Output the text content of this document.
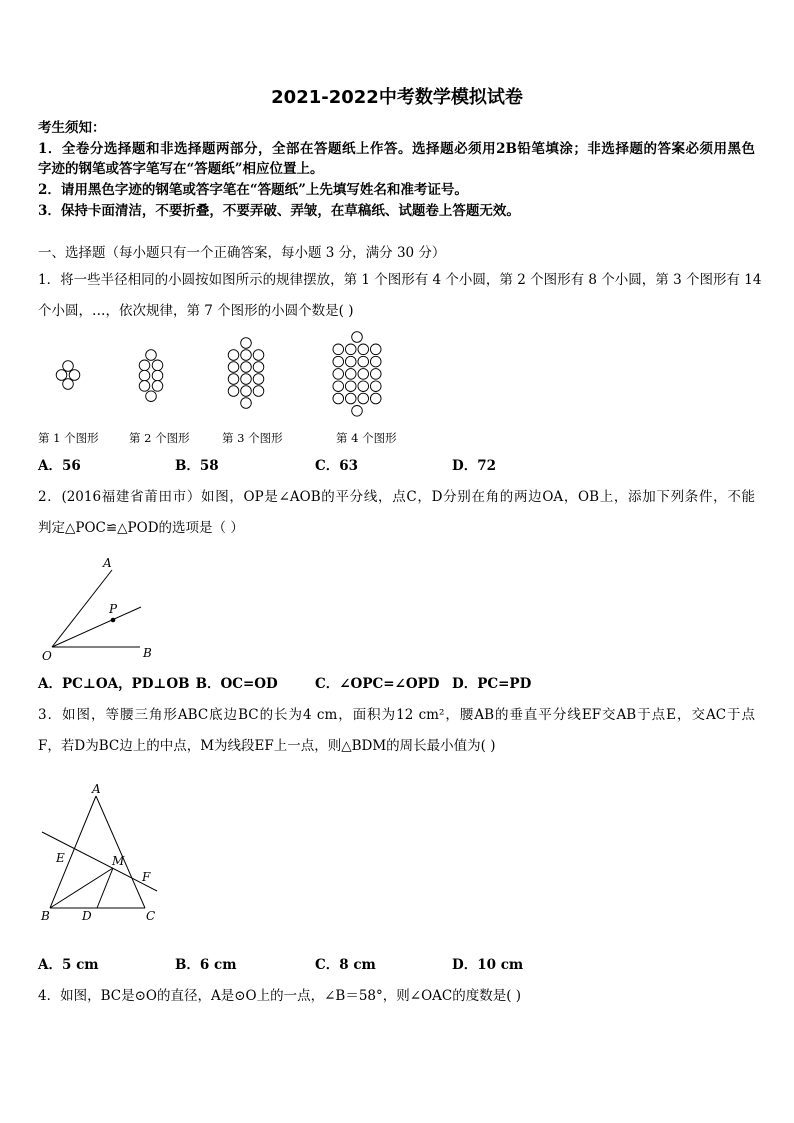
2021-2022中考数学模拟试卷
考生须知：
1．全卷分选择题和非选择题两部分，全部在答题纸上作答。选择题必须用2B铅笔填涂；非选择题的答案必须用黑色
字迹的钢笔或答字笔写在“答题纸”相应位置上。
2．请用黑色字迹的钢笔或答字笔在“答题纸”上先填写姓名和准考证号。
3．保持卡面清洁，不要折叠，不要弄破、弄皱，在草稿纸、试题卷上答题无效。
一、选择题（每小题只有一个正确答案，每小题 3 分，满分 30 分）
1．将一些半径相同的小圆按如图所示的规律摆放，第 1 个图形有 4 个小圆，第 2 个图形有 8 个小圆，第 3 个图形有 14
个小圆，…，依次规律，第 7 个图形的小圆个数是( )
第 1 个图形	第 2 个图形	第 3 个图形	第 4 个图形
A．56	B．58	C．63	D．72
2．(2016福建省莆田市）如图，OP是∠AOB的平分线，点C，D分别在角的两边OA，OB上，添加下列条件，不能
判定△POC≌△POD的选项是（ ）
A．PC⊥OA，PD⊥OB B．OC=OD	C．∠OPC=∠OPD D．PC=PD
3．如图，等腰三角形ABC底边BC的长为4 cm，面积为12 cm²，腰AB的垂直平分线EF交AB于点E，交AC于点
F，若D为BC边上的中点，M为线段EF上一点，则△BDM的周长最小值为( )
A．5 cm	B．6 cm	C．8 cm	D．10 cm
4．如图，BC是⊙O的直径，A是⊙O上的一点，∠B＝58°，则∠OAC的度数是( )
A
P
O	B
A
E	M
F
B	D	C
